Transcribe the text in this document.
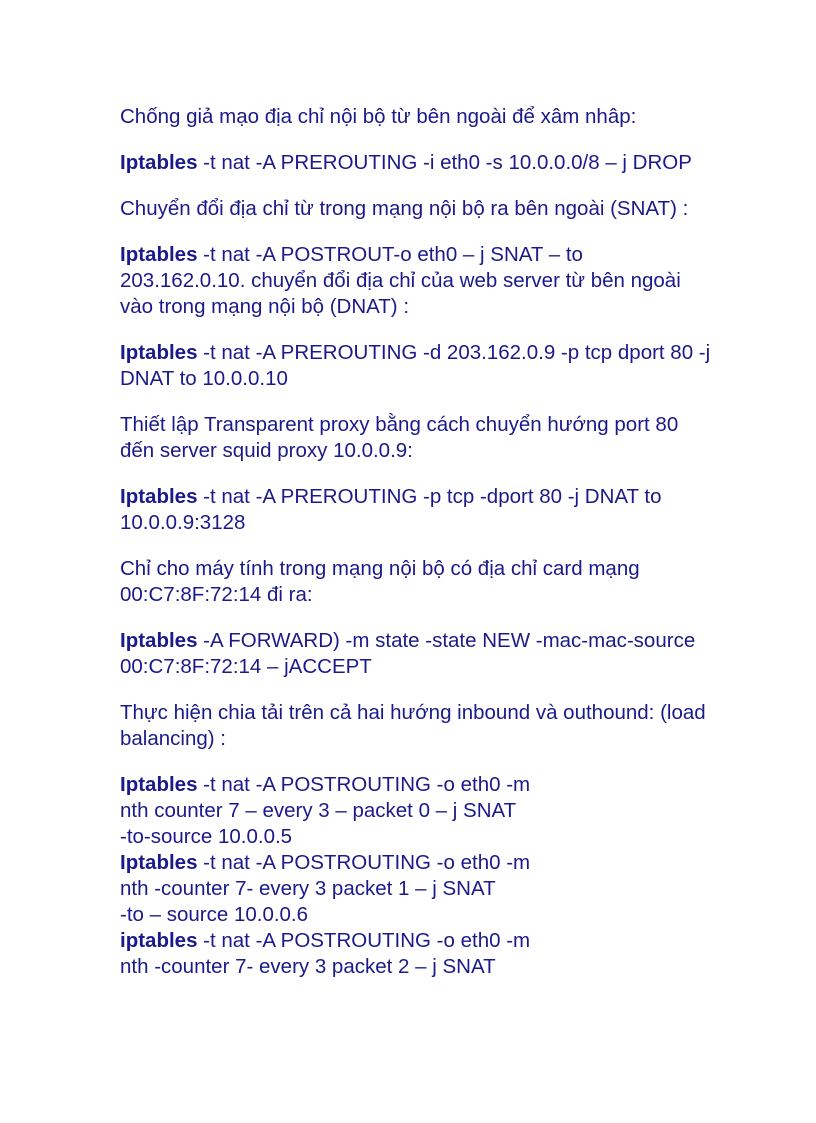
Chống giả mạo địa chỉ nội bộ từ bên ngoài để xâm nhâp:

Iptables -t nat -A PREROUTING -i eth0 -s 10.0.0.0/8 – j DROP

Chuyển đổi địa chỉ từ trong mạng nội bộ ra bên ngoài (SNAT) :

Iptables -t nat -A POSTROUT-o eth0 – j SNAT – to
203.162.0.10. chuyển đổi địa chỉ của web server từ bên ngoài
vào trong mạng nội bộ (DNAT) :

Iptables -t nat -A PREROUTING -d 203.162.0.9 -p tcp dport 80 -j
DNAT to 10.0.0.10

Thiết lập Transparent proxy bằng cách chuyển hướng port 80
đến server squid proxy 10.0.0.9:

Iptables -t nat -A PREROUTING -p tcp -dport 80 -j DNAT to
10.0.0.9:3128

Chỉ cho máy tính trong mạng nội bộ có địa chỉ card mạng
00:C7:8F:72:14 đi ra:

Iptables -A FORWARD) -m state -state NEW -mac-mac-source
00:C7:8F:72:14 – jACCEPT

Thực hiện chia tải trên cả hai hướng inbound và outhound: (load
balancing) :

Iptables -t nat -A POSTROUTING -o eth0 -m
nth counter 7 – every 3 – packet 0 – j SNAT
-to-source 10.0.0.5

Iptables -t nat -A POSTROUTING -o eth0 -m
nth -counter 7- every 3 packet 1 – j SNAT
-to – source 10.0.0.6

iptables -t nat -A POSTROUTING -o eth0 -m
nth -counter 7- every 3 packet 2 – j SNAT
